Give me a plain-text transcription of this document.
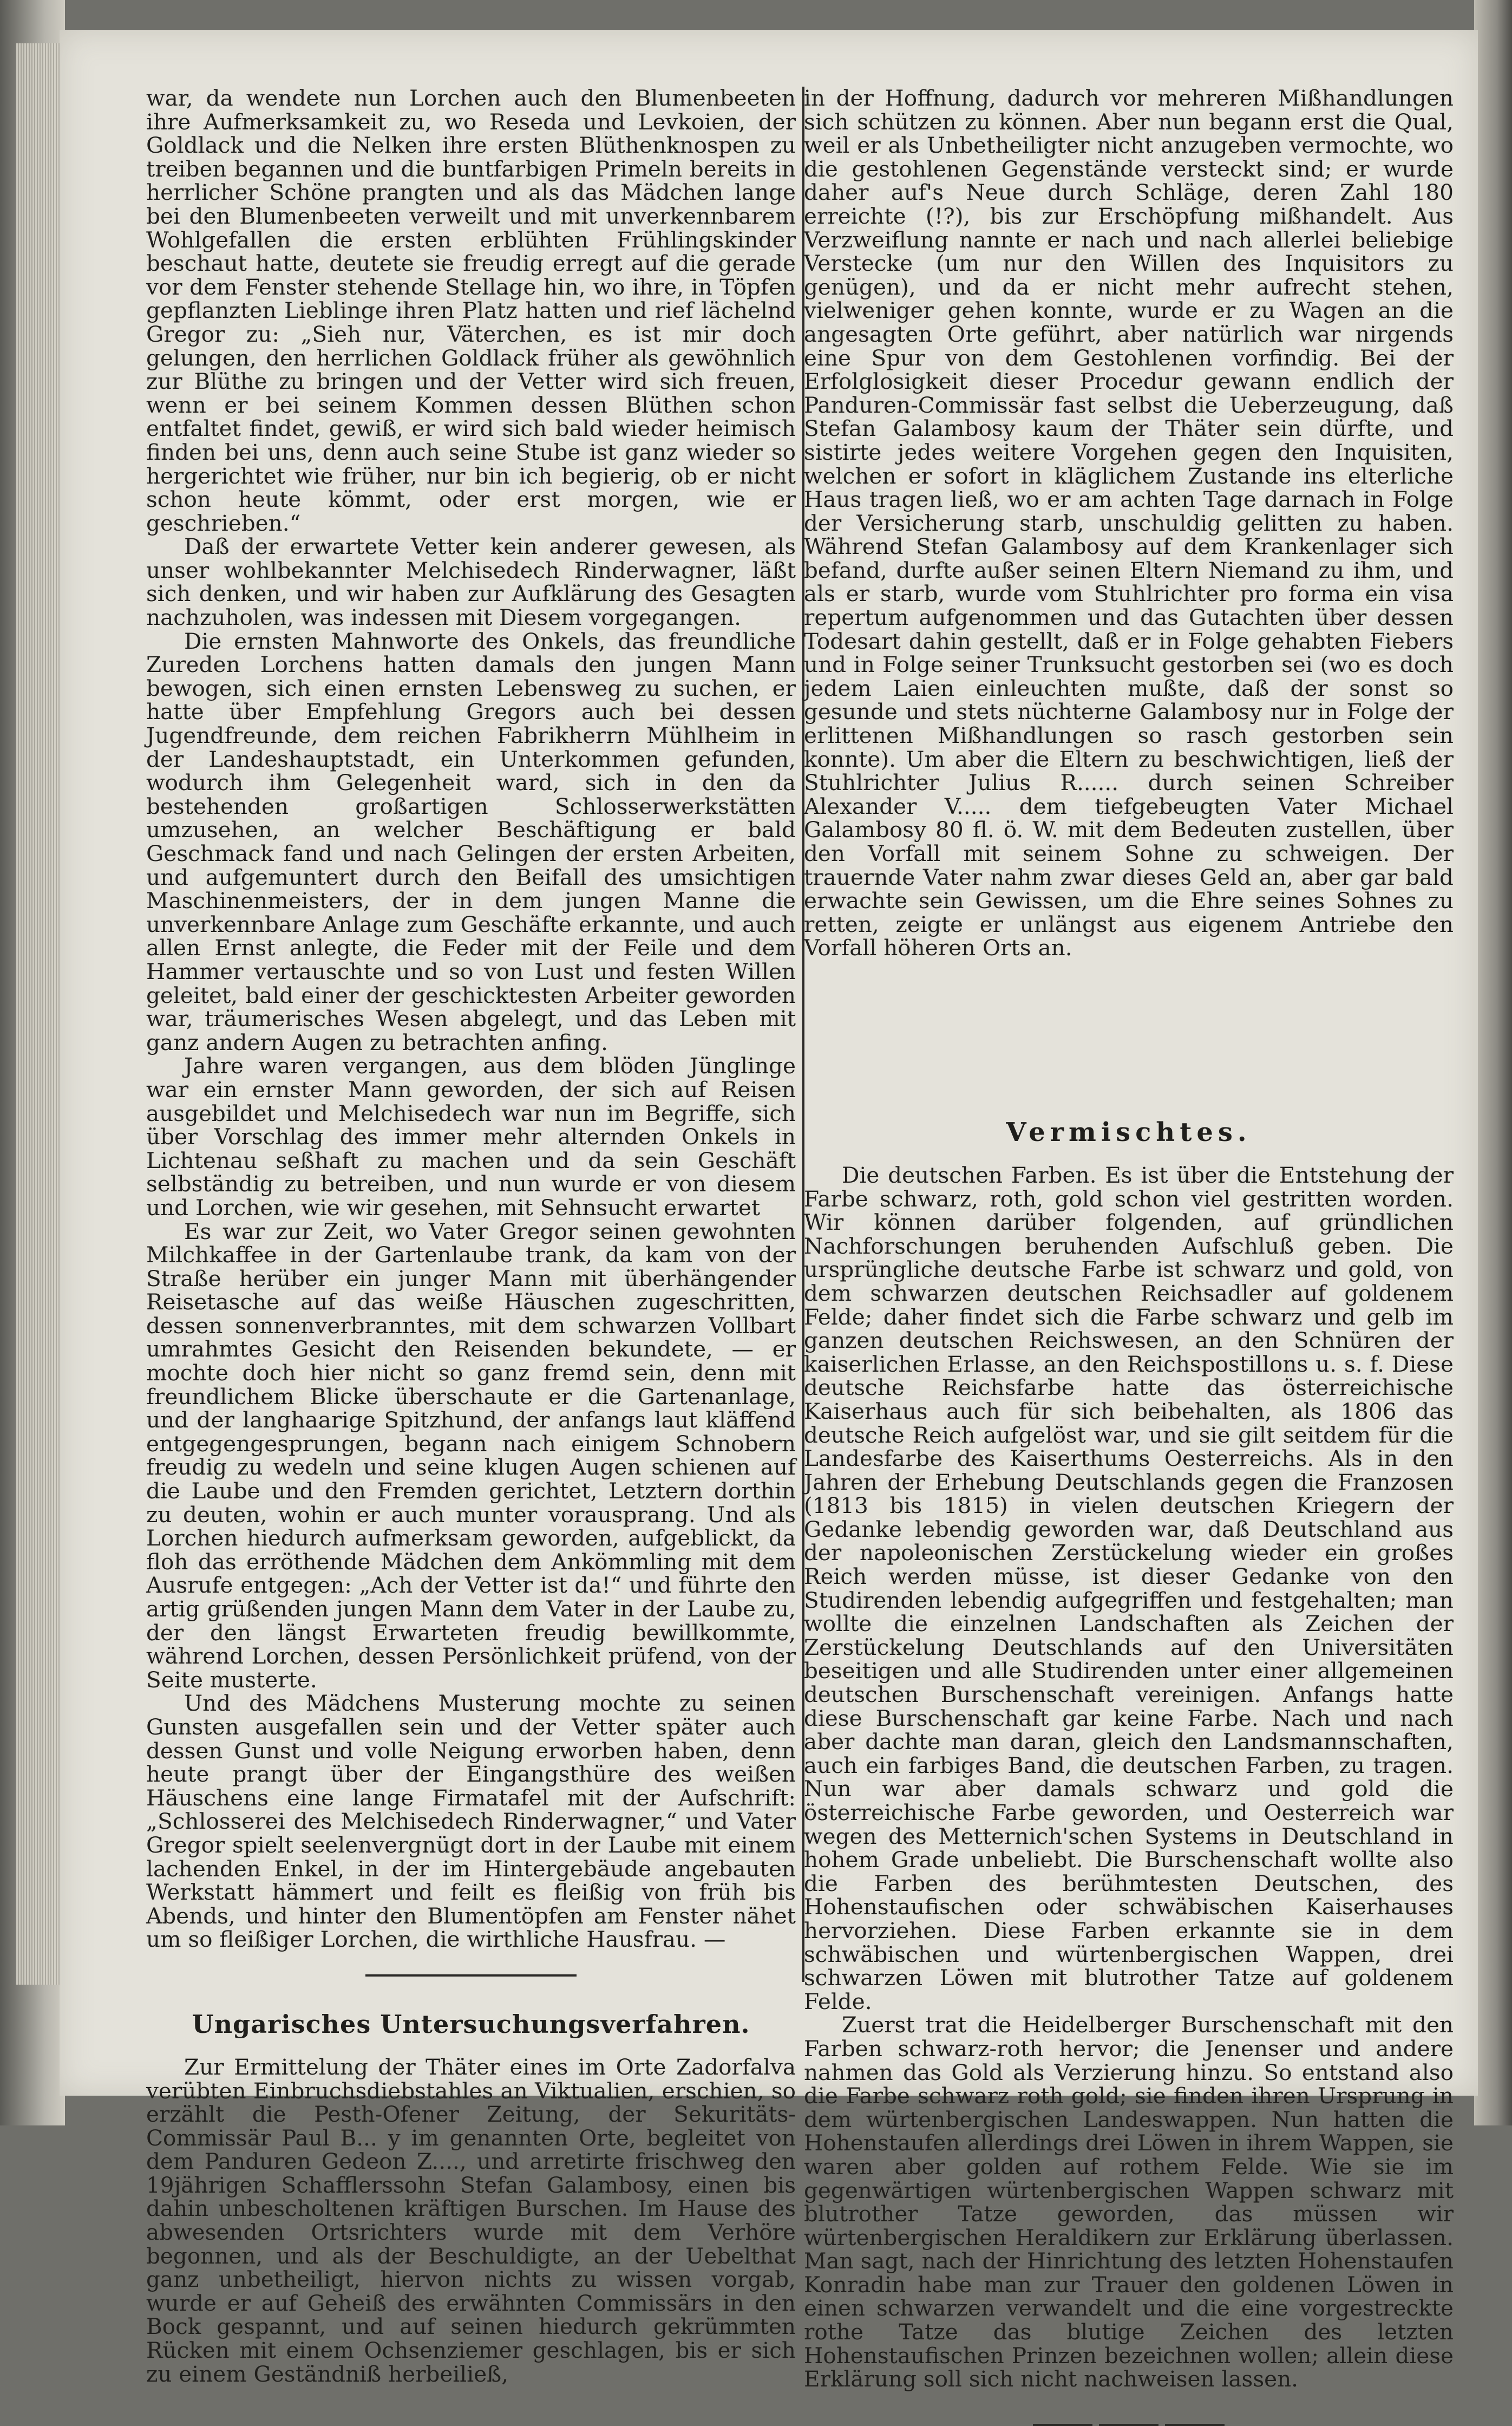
war, da wendete nun Lorchen auch den Blumenbeeten ihre Aufmerksamkeit zu, wo Reseda und Levkoien, der Goldlack und die Nelken ihre ersten Blüthenknospen zu treiben begannen und die buntfarbigen Primeln bereits in herrlicher Schöne prangten und als das Mädchen lange bei den Blumenbeeten verweilt und mit unverkennbarem Wohlgefallen die ersten erblühten Frühlingskinder beschaut hatte, deutete sie freudig erregt auf die gerade vor dem Fenster stehende Stellage hin, wo ihre, in Töpfen gepflanzten Lieblinge ihren Platz hatten und rief lächelnd Gregor zu: „Sieh nur, Väterchen, es ist mir doch gelungen, den herrlichen Goldlack früher als gewöhnlich zur Blüthe zu bringen und der Vetter wird sich freuen, wenn er bei seinem Kommen dessen Blüthen schon entfaltet findet, gewiß, er wird sich bald wieder heimisch finden bei uns, denn auch seine Stube ist ganz wieder so hergerichtet wie früher, nur bin ich begierig, ob er nicht schon heute kömmt, oder erst morgen, wie er geschrieben.“

Daß der erwartete Vetter kein anderer gewesen, als unser wohlbekannter Melchisedech Rinderwagner, läßt sich denken, und wir haben zur Aufklärung des Gesagten nachzuholen, was indessen mit Diesem vorgegangen.

Die ernsten Mahnworte des Onkels, das freundliche Zureden Lorchens hatten damals den jungen Mann bewogen, sich einen ernsten Lebensweg zu suchen, er hatte über Empfehlung Gregors auch bei dessen Jugendfreunde, dem reichen Fabrikherrn Mühlheim in der Landeshauptstadt, ein Unterkommen gefunden, wodurch ihm Gelegenheit ward, sich in den da bestehenden großartigen Schlosserwerkstätten umzusehen, an welcher Beschäftigung er bald Geschmack fand und nach Gelingen der ersten Arbeiten, und aufgemuntert durch den Beifall des umsichtigen Maschinenmeisters, der in dem jungen Manne die unverkennbare Anlage zum Geschäfte erkannte, und auch allen Ernst anlegte, die Feder mit der Feile und dem Hammer vertauschte und so von Lust und festen Willen geleitet, bald einer der geschicktesten Arbeiter geworden war, träumerisches Wesen abgelegt, und das Leben mit ganz andern Augen zu betrachten anfing.

Jahre waren vergangen, aus dem blöden Jünglinge war ein ernster Mann geworden, der sich auf Reisen ausgebildet und Melchisedech war nun im Begriffe, sich über Vorschlag des immer mehr alternden Onkels in Lichtenau seßhaft zu machen und da sein Geschäft selbständig zu betreiben, und nun wurde er von diesem und Lorchen, wie wir gesehen, mit Sehnsucht erwartet

Es war zur Zeit, wo Vater Gregor seinen gewohnten Milchkaffee in der Gartenlaube trank, da kam von der Straße herüber ein junger Mann mit überhängender Reisetasche auf das weiße Häuschen zugeschritten, dessen sonnenverbranntes, mit dem schwarzen Vollbart umrahmtes Gesicht den Reisenden bekundete, — er mochte doch hier nicht so ganz fremd sein, denn mit freundlichem Blicke überschaute er die Gartenanlage, und der langhaarige Spitzhund, der anfangs laut kläffend entgegengesprungen, begann nach einigem Schnobern freudig zu wedeln und seine klugen Augen schienen auf die Laube und den Fremden gerichtet, Letztern dorthin zu deuten, wohin er auch munter vorausprang. Und als Lorchen hiedurch aufmerksam geworden, aufgeblickt, da floh das erröthende Mädchen dem Ankömmling mit dem Ausrufe entgegen: „Ach der Vetter ist da!“ und führte den artig grüßenden jungen Mann dem Vater in der Laube zu, der den längst Erwarteten freudig bewillkommte, während Lorchen, dessen Persönlichkeit prüfend, von der Seite musterte.

Und des Mädchens Musterung mochte zu seinen Gunsten ausgefallen sein und der Vetter später auch dessen Gunst und volle Neigung erworben haben, denn heute prangt über der Eingangsthüre des weißen Häuschens eine lange Firmatafel mit der Aufschrift: „Schlosserei des Melchisedech Rinderwagner,“ und Vater Gregor spielt seelenvergnügt dort in der Laube mit einem lachenden Enkel, in der im Hintergebäude angebauten Werkstatt hämmert und feilt es fleißig von früh bis Abends, und hinter den Blumentöpfen am Fenster nähet um so fleißiger Lorchen, die wirthliche Hausfrau. —

Ungarisches Untersuchungsverfahren.

Zur Ermittelung der Thäter eines im Orte Zadorfalva verübten Einbruchsdiebstahles an Viktualien, erschien, so erzählt die Pesth-Ofener Zeitung, der Sekuritäts-Commissär Paul B... y im genannten Orte, begleitet von dem Panduren Gedeon Z...., und arretirte frischweg den 19jährigen Schafflerssohn Stefan Galambosy, einen bis dahin unbescholtenen kräftigen Burschen. Im Hause des abwesenden Ortsrichters wurde mit dem Verhöre begonnen, und als der Beschuldigte, an der Uebelthat ganz unbetheiligt, hiervon nichts zu wissen vorgab, wurde er auf Geheiß des erwähnten Commissärs in den Bock gespannt, und auf seinen hiedurch gekrümmten Rücken mit einem Ochsenziemer geschlagen, bis er sich zu einem Geständniß herbeiließ,

in der Hoffnung, dadurch vor mehreren Mißhandlungen sich schützen zu können. Aber nun begann erst die Qual, weil er als Unbetheiligter nicht anzugeben vermochte, wo die gestohlenen Gegenstände versteckt sind; er wurde daher auf's Neue durch Schläge, deren Zahl 180 erreichte (!?), bis zur Erschöpfung mißhandelt. Aus Verzweiflung nannte er nach und nach allerlei beliebige Verstecke (um nur den Willen des Inquisitors zu genügen), und da er nicht mehr aufrecht stehen, vielweniger gehen konnte, wurde er zu Wagen an die angesagten Orte geführt, aber natürlich war nirgends eine Spur von dem Gestohlenen vorfindig. Bei der Erfolglosigkeit dieser Procedur gewann endlich der Panduren-Commissär fast selbst die Ueberzeugung, daß Stefan Galambosy kaum der Thäter sein dürfte, und sistirte jedes weitere Vorgehen gegen den Inquisiten, welchen er sofort in kläglichem Zustande ins elterliche Haus tragen ließ, wo er am achten Tage darnach in Folge der Versicherung starb, unschuldig gelitten zu haben. Während Stefan Galambosy auf dem Krankenlager sich befand, durfte außer seinen Eltern Niemand zu ihm, und als er starb, wurde vom Stuhlrichter pro forma ein visa repertum aufgenommen und das Gutachten über dessen Todesart dahin gestellt, daß er in Folge gehabten Fiebers und in Folge seiner Trunksucht gestorben sei (wo es doch jedem Laien einleuchten mußte, daß der sonst so gesunde und stets nüchterne Galambosy nur in Folge der erlittenen Mißhandlungen so rasch gestorben sein konnte). Um aber die Eltern zu beschwichtigen, ließ der Stuhlrichter Julius R...... durch seinen Schreiber Alexander V..... dem tiefgebeugten Vater Michael Galambosy 80 fl. ö. W. mit dem Bedeuten zustellen, über den Vorfall mit seinem Sohne zu schweigen. Der trauernde Vater nahm zwar dieses Geld an, aber gar bald erwachte sein Gewissen, um die Ehre seines Sohnes zu retten, zeigte er unlängst aus eigenem Antriebe den Vorfall höheren Orts an.

Vermischtes.

Die deutschen Farben. Es ist über die Entstehung der Farbe schwarz, roth, gold schon viel gestritten worden. Wir können darüber folgenden, auf gründlichen Nachforschungen beruhenden Aufschluß geben. Die ursprüngliche deutsche Farbe ist schwarz und gold, von dem schwarzen deutschen Reichsadler auf goldenem Felde; daher findet sich die Farbe schwarz und gelb im ganzen deutschen Reichswesen, an den Schnüren der kaiserlichen Erlasse, an den Reichspostillons u. s. f. Diese deutsche Reichsfarbe hatte das österreichische Kaiserhaus auch für sich beibehalten, als 1806 das deutsche Reich aufgelöst war, und sie gilt seitdem für die Landesfarbe des Kaiserthums Oesterreichs. Als in den Jahren der Erhebung Deutschlands gegen die Franzosen (1813 bis 1815) in vielen deutschen Kriegern der Gedanke lebendig geworden war, daß Deutschland aus der napoleonischen Zerstückelung wieder ein großes Reich werden müsse, ist dieser Gedanke von den Studirenden lebendig aufgegriffen und festgehalten; man wollte die einzelnen Landschaften als Zeichen der Zerstückelung Deutschlands auf den Universitäten beseitigen und alle Studirenden unter einer allgemeinen deutschen Burschenschaft vereinigen. Anfangs hatte diese Burschenschaft gar keine Farbe. Nach und nach aber dachte man daran, gleich den Landsmannschaften, auch ein farbiges Band, die deutschen Farben, zu tragen. Nun war aber damals schwarz und gold die österreichische Farbe geworden, und Oesterreich war wegen des Metternich'schen Systems in Deutschland in hohem Grade unbeliebt. Die Burschenschaft wollte also die Farben des berühmtesten Deutschen, des Hohenstaufischen oder schwäbischen Kaiserhauses hervorziehen. Diese Farben erkannte sie in dem schwäbischen und würtenbergischen Wappen, drei schwarzen Löwen mit blutrother Tatze auf goldenem Felde.

Zuerst trat die Heidelberger Burschenschaft mit den Farben schwarz-roth hervor; die Jenenser und andere nahmen das Gold als Verzierung hinzu. So entstand also die Farbe schwarz roth gold; sie finden ihren Ursprung in dem würtenbergischen Landeswappen. Nun hatten die Hohenstaufen allerdings drei Löwen in ihrem Wappen, sie waren aber golden auf rothem Felde. Wie sie im gegenwärtigen würtenbergischen Wappen schwarz mit blutrother Tatze geworden, das müssen wir würtenbergischen Heraldikern zur Erklärung überlassen. Man sagt, nach der Hinrichtung des letzten Hohenstaufen Konradin habe man zur Trauer den goldenen Löwen in einen schwarzen verwandelt und die eine vorgestreckte rothe Tatze das blutige Zeichen des letzten Hohenstaufischen Prinzen bezeichnen wollen; allein diese Erklärung soll sich nicht nachweisen lassen.
